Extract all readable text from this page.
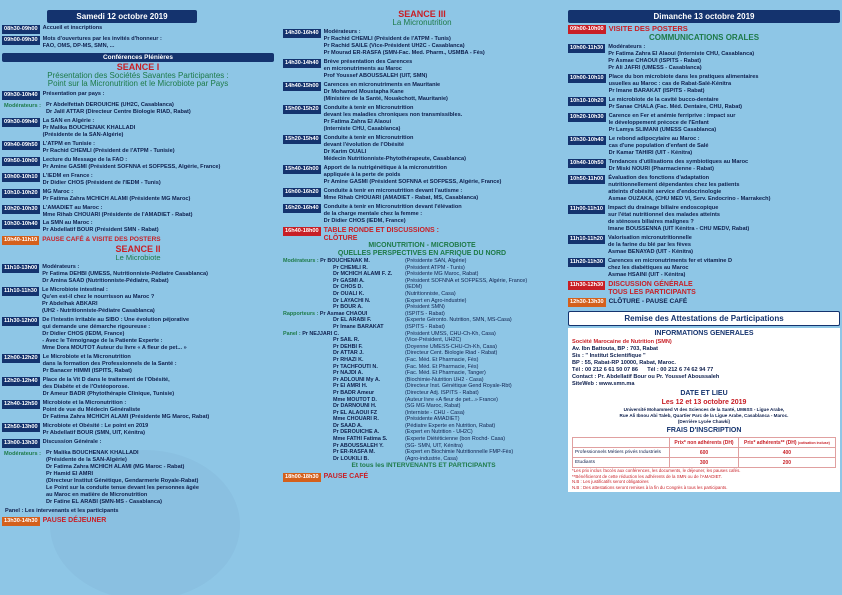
Samedi 12 octobre 2019
08h30-09h00 Accueil et inscriptions
09h00-09h30 Mots d'ouvertures par les invités d'honneur :
FAO, OMS, DP-MS, SMN, ...
Conférences Plénières
SEANCE I
Présentation des Sociétés Savantes Participantes :
Point sur la Micronutrition et le Microbiote par Pays
09h30-10h40 Présentation par pays :
Modérateurs : Pr Abdelfettah DEROUICHE (UH2C, Casablanca)
Dr Jalil ATTAR (Directeur Centre Biologie RIAD, Rabat)
09h30-09h40 La SAN en Algérie :
Pr Malika BOUCHENAK KHALLADI
(Présidente de la SAN-Algérie)
09h40-09h50 L'ATPM en Tunisie :
Pr Rachid CHEMLI (Président de l'ATPM - Tunisie)
09h50-10h00 Lecture du Message de la FAO :
Pr Amine GASMI (Président SOFNNA et SOFPESS, Algérie, France)
10h00-10h10 L'IEDM en France :
Dr Didier CHOS (Président de l'IEDM - Tunis)
10h10-10h20 MG Maroc :
Pr Fatima Zahra MCHICH ALAMI (Présidente MG Maroc)
10h20-10h30 L'AMADIET au Maroc :
Mme Rihab CHOUARI (Présidente de l'AMADIET - Rabat)
10h30-10h40 La SMN au Maroc :
Pr Abdellatif BOUR (Président SMN - Rabat)
10h40-11h10 PAUSE CAFÉ & VISITE DES POSTERS
SEANCE II
Le Microbiote
11h10-13h00 Modérateurs :
Pr Fatima DEHBI (UMESS, Nutritionniste-Pédiatre Casablanca)
Dr Amina SAAD (Nutritionniste-Pédiatre, Rabat)
11h10-11h30 Le Microbiote intestinal :
Qu'en est-il chez le nourrisson au Maroc ?
Pr Abdelhak ABKARI
(UH2 - Nutritionniste-Pédiatre Casablanca)
11h30-12h00 De l'intestin irritable au SIBO : Une évolution péjorative
qui demande une démarche rigoureuse :
Dr Didier CHOS (IEDM, France)
- Avec le Témoignage de la Patiente Experte :
Mme Dora MOUTOT Auteur du livre « A fleur de pet... »
12h00-12h20 Le Microbiote et la Micronutrition
dans la formation des Professionnels de la Santé :
Pr Banacer HIMMI (ISPITS, Rabat)
12h20-12h40 Place de la Vit D dans le traitement de l'Obésité,
des Diabète et de l'Ostéoporose.
Dr Ameur BADR (Phytothérapie Clinique, Tunisie)
12h40-12h50 Microbiote et la Micronutrition :
Point de vue du Médecin Généraliste
Dr Fatima Zahra MCHICH ALAMI (Présidente MG Maroc, Rabat)
12h50-13h00 Microbiote et Obésité : Le point en 2019
Pr Abdellatif BOUR (SMN, UIT, Kénitra)
13h00-13h30 Discussion Générale :
Modérateurs : Pr Malika BOUCHENAK KHALLADI
(Présidente de la SAN-Algérie)
Dr Fatima Zahra MCHICH ALAMI (MG Maroc - Rabat)
Pr Hamid El AMRI
(Directeur Institut Génétique, Gendarmerie Royale-Rabat)
Le Point sur la conduite tenue devant les personnes âgée
au Maroc en matière de Micronutrition
Dr Fatine EL ARABI (SMN-MS - Casablanca)
Panel : Les intervenants et les participants
13h30-14h30 PAUSE DÉJEUNER
SEANCE III
La Micronutrition
14h30-16h40 Modérateurs :
Pr Rachid CHEMLI (Président de l'ATPM - Tunis)
Pr Rachid SAILE (Vice-Président UH2C - Casablanca)
Pr Mourad ER-RASFA (SMN-Fac. Med. Pharm., USMBA - Fès)
14h30-14h40 Brève présentation des Carences
en micronutriments au Maroc
Prof Youssef ABOUSSALEH (UIT, SMN)
14h40-15h00 Carences en micronutriments en Mauritanie
Dr Mohamed Moustapha Kane
(Ministère de la Santé, Nouakchott, Mauritanie)
15h00-15h20 Conduite à tenir en Micronutrition
devant les maladies chroniques non transmissibles.
Pr Fatima Zahra El Alaoui
(Interniste CHU, Casablanca)
15h20-15h40 Conduite à tenir en Micronutrition
devant l'évolution de l'Obésité
Dr Karim OUALI
Médecin Nutritionniste-Phytothérapeute, Casablanca)
15h40-16h00 Apport de la nutrigénétique à la micronutrition
appliquée à la perte de poids
Pr Amine GASMI (Président SOFNNA et SOFPESS, Algérie, France)
16h00-16h20 Conduite à tenir en micronutrition devant l'autisme :
Mme Rihab CHOUARI (AMADIET - Rabat, MS, Casablanca)
16h20-16h40 Conduite à tenir en Micronutrition devant l'élévation
de la charge mentale chez la femme :
Dr Didier CHOS (IEDM, France)
16h40-18h00 TABLE RONDE ET DISCUSSIONS :
CLÔTURE
MICONUTRITION - MICROBIOTE
QUELLES PERSPECTIVES EN AFRIQUE DU NORD
Modérateurs : Pr BOUCHENAK M.	(Présidente SAN, Algérie)
Pr CHEMLI R.	(Président ATPM - Tunis)
Dr MCHICH ALAMI F. Z.	(Présidente MG Maroc, Rabat)
Pr GASMI A.	(Président SOFNNA et SOFPESS, Algérie, France)
Dr CHOS D.	(IEDM)
Dr OUALI K.	(Nutritionniste, Casa)
Dr LAYACHI N.	(Expert en Agro-industrie)
Pr BOUR A.	(Président SMN)
Rapporteurs : Pr Asmae CHAOUI	(ISPITS - Rabat)
Dr EL ARABI F.	(Experte Géronto. Nutrition, SMN, MS-Casa)
Pr Imane BARAKAT	(ISPITS - Rabat)
Panel : Pr NEJJARI C.	(Président UMSS, CHU-Ch-Kh, Casa)
Pr SAIL R.	(Vice-Président, UH2C)
Pr DEHBI F.	(Doyenne UMESS-CHU-Ch-Kh, Casa)
Dr ATTAR J.	(Directeur Cent. Biologie Riad - Rabat)
Pr RHAZI K.	(Fac. Méd. Et Pharmacie, Fès)
Pr TACHFOUTI N.	(Fac. Méd. Et Pharmacie, Fès)
Pr NAJDI A.	(Fac. Méd. Et Pharmacie, Tanger)
Pr ADLOUNI My A.	(Biochimie-Nutrition UH2 - Casa)
Pr El AMRI H.	(Directeur Inst. Génétique Gend Royale-Rbt)
Pr BADR Ameur	(Directeur Adj. ISPITS - Rabat)
Mme MOUTOT D.	(Auteur livre «A fleur de pet...» France)
Dr DARNOUNI H.	(SG MG Maroc, Rabat)
Pr EL ALAOUI FZ	(Interniste - CHU - Casa)
Mme CHOUARI R.	(Présidente AMADIET)
Dr SAAD A.	(Pédiatre Experte en Nutrition, Rabat)
Pr DEROUICHE A.	(Expert en Nutrition - UH2C)
Mme FATHI Fatima S.	(Experte Diététicienne (bon Rochd- Casa)
Pr ABOUSSALEH Y.	(SG- SMN, UIT, Kénitra)
Pr ER-RASFA M.	(Expert en Biochimie Nutritionnelle FMP-Fès)
Dr LOUKILI B.	(Agro-industrie, Casa)
Et tous les INTERVENANTS ET PARTICIPANTS
18h00-18h30 PAUSE CAFÉ
Dimanche 13 octobre 2019
09h00-10h00 VISITE DES POSTERS
COMMUNICATIONS ORALES
10h00-11h30 Modérateurs :
Pr Fatima Zahra El Alaoui (Interniste CHU, Casablanca)
Pr Asmae CHAOUI (ISPITS - Rabat)
Pr Ali JAFRI (UMESS - Casablanca)
10h00-10h10 Place du bon microbiote dans les pratiques alimentaires
usuelles au Maroc : cas de Rabat-Salé-Kénitra
Pr Imane BARAKAT (ISPITS - Rabat)
10h10-10h20 Le microbiote de la cavité bucco-dentaire
Pr Sanae CHALA (Fac. Méd. Dentaire, CHU, Rabat)
10h20-10h30 Carence en Fer et anémie ferriprive : impact sur
le développement précoce de l'Enfant
Pr Lamya SLIMANI (UMESS Casablanca)
10h30-10h40 Le rebond adipocytaire au Maroc :
cas d'une population d'enfant de Salé
Dr Kamar TAHIRI (UIT - Kénitra)
10h40-10h50 Tendances d'utilisations des symbiotiques au Maroc
Dr Miski NOURI (Pharmacienne - Rabat)
10h50-11h00 Évaluation des fonctions d'adaptation
nutritionnellement dépendantes chez les patients
atteints d'obésité service d'endocrinologie
Asmae OUZAKA, (CHU MED VI, Serv. Endocrino - Marrakech)
11h00-11h10 Impact du drainage biliaire endoscopique
sur l'état nutritionnel des malades atteints
de sténoses biliaires malignes ?
Imane BOUSSENNA (UIT Kénitra - CHU MEDV, Rabat)
11h10-11h20 Valorisation micronutritionnelle
de la farine du blé par les fèves
Asmae BENAYAD (UIT - Kénitra)
11h20-11h30 Carences en micronutriments fer et vitamine D
chez les diabétiques au Maroc
Asmae HSAINI (UIT - Kénitra)
11h30-12h30 DISCUSSION GÉNÉRALE
TOUS LES PARTICIPANTS
12h30-13h30 CLÔTURE - PAUSE CAFÉ
Remise des Attestations de Participations
INFORMATIONS GENERALES
Société Marocaine de Nutrition (SMN)
Av. Ibn Battouta, BP : 703, Rabat
Sis : " Institut Scientifique "
BP : 55, Rabat-RP 10000, Rabat, Maroc.
Tél : 00 212 6 61 50 07 86      Tél : 00 212 6 74 62 94 77
Contact : Pr. Abdellatif Bour ou Pr. Youssef Aboussaleh
SiteWeb : www.smn.ma
DATE ET LIEU
Les 12 et 13 octobre 2019
Université Mohammed VI des Sciences de la Santé, UM6SS - Ligue Arabe,
Rue Ali Ibnou Abi Taleb, Quartier Parc de la Ligue Arabe, Casablanca - Maroc.
(Derrière Lycée Chawki)
FRAIS D'INSCRIPTION
	Prix* non adhérents (DH)	Prix* adhérents** (DH) (cotisation incluse)
Professionnels Métiers privés Industriels	600	400
Etudiants	300	200
*Les prix inclus l'accès aux conférences, les documents, le déjeuner, les pauses cafés.
**Bénéficieront de cette réduction les adhérents de la SMN ou de l'AMADIET.
N.B : Les justificatifs seront obligatoires
N.B : Des attestations seront remises à la fin du Congrès à tous les participants.
